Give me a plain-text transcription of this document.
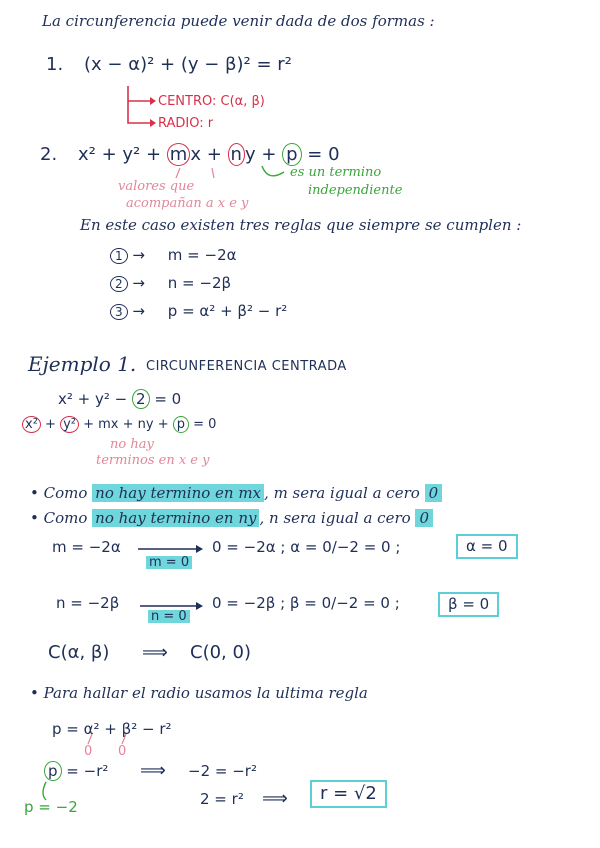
La circunferencia puede venir dada de dos formas :
1. (x − α)² + (y − β)² = r²
CENTRO: C(α, β)
RADIO: r
2. x² + y² + m x + n y + p = 0
valores que
acompañan a x e y
es un termino
independiente
En este caso existen tres reglas que siempre se cumplen :
1 → m = −2α
2 → n = −2β
3 → p = α² + β² − r²
Ejemplo 1. CIRCUNFERENCIA CENTRADA
x² + y² − 2 = 0
x² + y² + mx + ny + p = 0
no hay
terminos en x e y
• Como no hay termino en mx , m sera igual a cero 0
• Como no hay termino en ny , n sera igual a cero 0
m = −2α
m = 0
0 = −2α ; α = 0/−2 = 0 ;	α = 0
n = −2β
n = 0
0 = −2β ; β = 0/−2 = 0 ;	β = 0
C(α, β) ⟹ C(0, 0)
• Para hallar el radio usamos la ultima regla
p = α² + β² − r²
0 0
p = −r² ⟹ −2 = −r²
p = −2	2 = r² ⟹	r = √2
